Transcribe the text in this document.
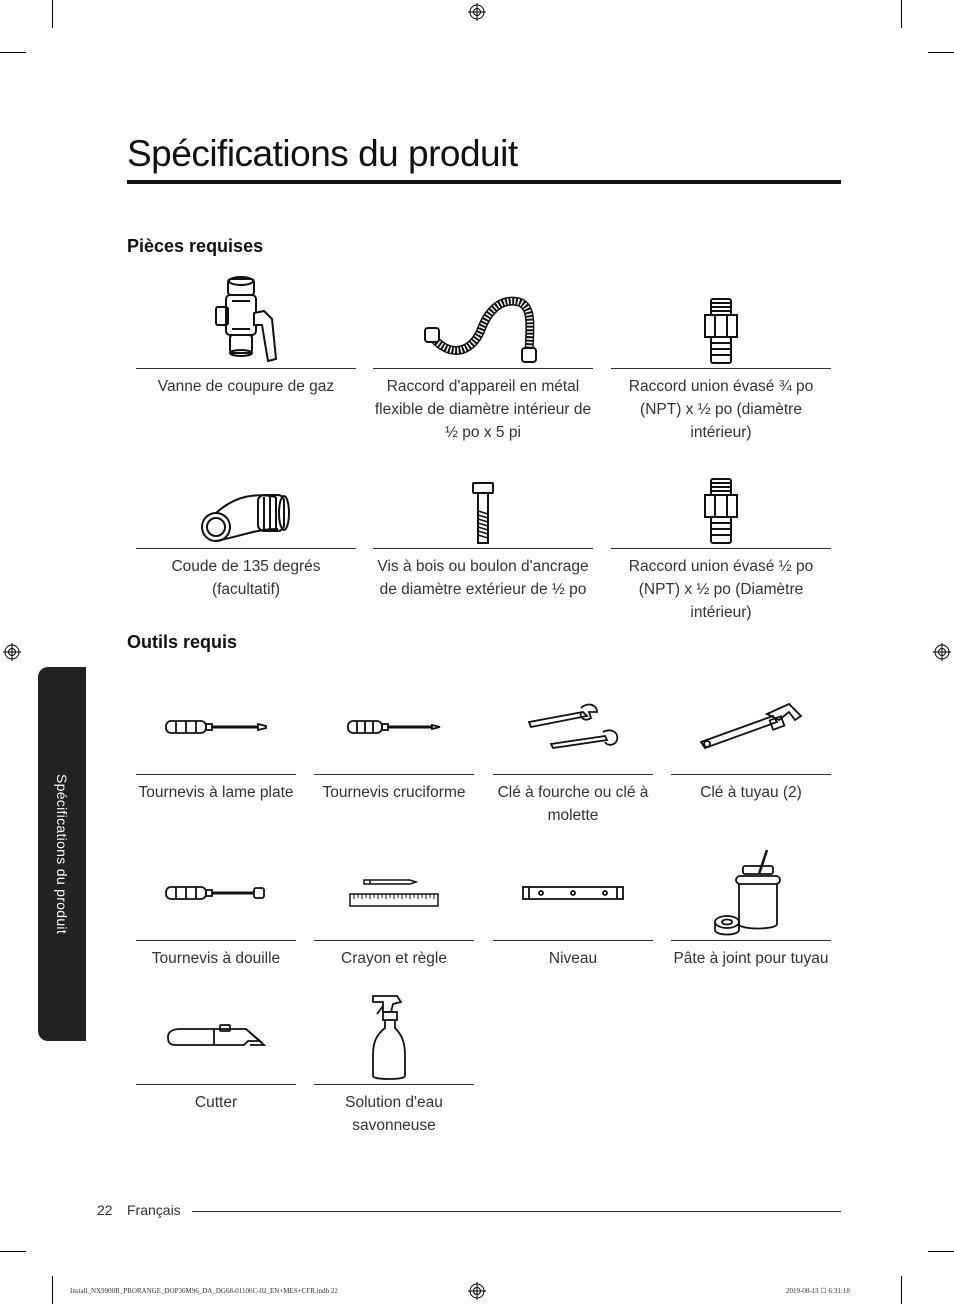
Spécifications du produit
Spécifications du produit
Pièces requises
Vanne de coupure de gaz	Raccord d'appareil en métal flexible de diamètre intérieur de ½ po x 5 pi
Raccord union évasé ¾ po (NPT) x ½ po (diamètre intérieur)
Coude de 135 degrés (facultatif)
Vis à bois ou boulon d'ancrage de diamètre extérieur de ½ po
Raccord union évasé ½ po (NPT) x ½ po (Diamètre intérieur)
Outils requis
Tournevis à lame plate	Tournevis cruciforme	Clé à fourche ou clé à molette
Clé à tuyau (2)
Tournevis à douille	Crayon et règle	Niveau	Pâte à joint pour tuyau
Cutter	Solution d'eau savonneuse
22 Français
Install_NX9900R_PRORANGE_DOP36M96_DA_DG68-01106C-02_EN+MES+CFR.indb 22	2019-08-13 ☐ 6:31:18
